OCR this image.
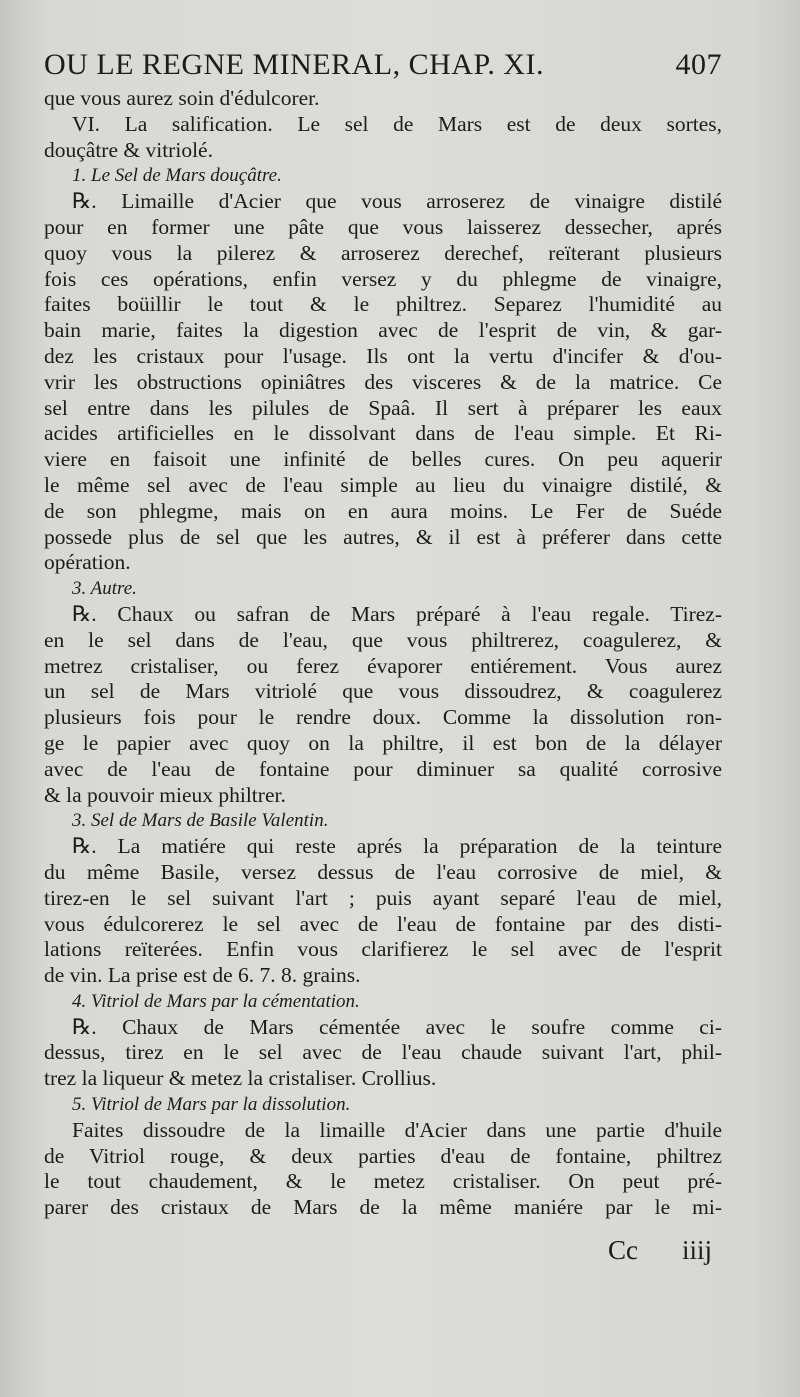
OU LE REGNE MINERAL, CHAP. XI.	407
que vous aurez soin d'édulcorer.
VI. La salification. Le sel de Mars est de deux sortes,
douçâtre & vitriolé.
1. Le Sel de Mars douçâtre.
℞. Limaille d'Acier que vous arroserez de vinaigre distilé
pour en former une pâte que vous laisserez dessecher, aprés
quoy vous la pilerez & arroserez derechef, reïterant plusieurs
fois ces opérations, enfin versez y du phlegme de vinaigre,
faites boüillir le tout & le philtrez. Separez l'humidité au
bain marie, faites la digestion avec de l'esprit de vin, & gar-
dez les cristaux pour l'usage. Ils ont la vertu d'incifer & d'ou-
vrir les obstructions opiniâtres des visceres & de la matrice. Ce
sel entre dans les pilules de Spaâ. Il sert à préparer les eaux
acides artificielles en le dissolvant dans de l'eau simple. Et Ri-
viere en faisoit une infinité de belles cures. On peu aquerir
le même sel avec de l'eau simple au lieu du vinaigre distilé, &
de son phlegme, mais on en aura moins. Le Fer de Suéde
possede plus de sel que les autres, & il est à préferer dans cette
opération.
3. Autre.
℞. Chaux ou safran de Mars préparé à l'eau regale. Tirez-
en le sel dans de l'eau, que vous philtrerez, coagulerez, &
metrez cristaliser, ou ferez évaporer entiérement. Vous aurez
un sel de Mars vitriolé que vous dissoudrez, & coagulerez
plusieurs fois pour le rendre doux. Comme la dissolution ron-
ge le papier avec quoy on la philtre, il est bon de la délayer
avec de l'eau de fontaine pour diminuer sa qualité corrosive
& la pouvoir mieux philtrer.
3. Sel de Mars de Basile Valentin.
℞. La matiére qui reste aprés la préparation de la teinture
du même Basile, versez dessus de l'eau corrosive de miel, &
tirez-en le sel suivant l'art ; puis ayant separé l'eau de miel,
vous édulcorerez le sel avec de l'eau de fontaine par des disti-
lations reïterées. Enfin vous clarifierez le sel avec de l'esprit
de vin. La prise est de 6. 7. 8. grains.
4. Vitriol de Mars par la cémentation.
℞. Chaux de Mars cémentée avec le soufre comme ci-
dessus, tirez en le sel avec de l'eau chaude suivant l'art, phil-
trez la liqueur & metez la cristaliser. Crollius.
5. Vitriol de Mars par la dissolution.
Faites dissoudre de la limaille d'Acier dans une partie d'huile
de Vitriol rouge, & deux parties d'eau de fontaine, philtrez
le tout chaudement, & le metez cristaliser. On peut pré-
parer des cristaux de Mars de la même maniére par le mi-
Cc iiij
